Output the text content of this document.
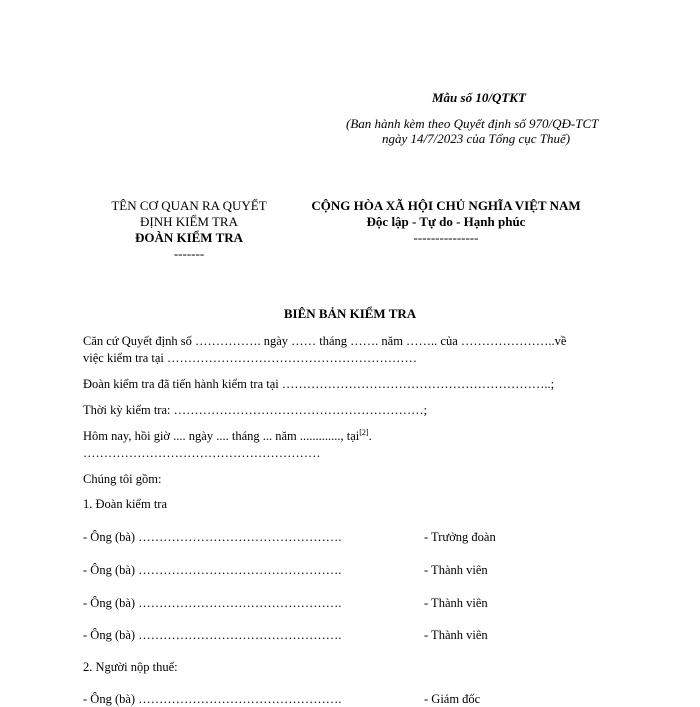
Mẫu số 10/QTKT
(Ban hành kèm theo Quyết định số 970/QĐ-TCT
ngày 14/7/2023 của Tổng cục Thuế)
TÊN CƠ QUAN RA QUYẾT
ĐỊNH KIỂM TRA
ĐOÀN KIỂM TRA
-------
CỘNG HÒA XÃ HỘI CHỦ NGHĨA VIỆT NAM
Độc lập - Tự do - Hạnh phúc
---------------
BIÊN BẢN KIỂM TRA
Căn cứ Quyết định số ……………. ngày …… tháng ……. năm …….. của …………………..về
việc kiểm tra tại ……………………………………………………
Đoàn kiểm tra đã tiến hành kiểm tra tại ………………………………………………………..;
Thời kỳ kiểm tra: ……………………………………………………;
Hôm nay, hồi giờ .... ngày .... tháng ... năm ............., tại[2].
…………………………………………………
Chúng tôi gồm:
1. Đoàn kiểm tra
- Ông (bà) ………………………………………….	- Trưởng đoàn
- Ông (bà) ………………………………………….	- Thành viên
- Ông (bà) ………………………………………….	- Thành viên
- Ông (bà) ………………………………………….	- Thành viên
2. Người nộp thuế:
- Ông (bà) ………………………………………….	- Giám đốc
